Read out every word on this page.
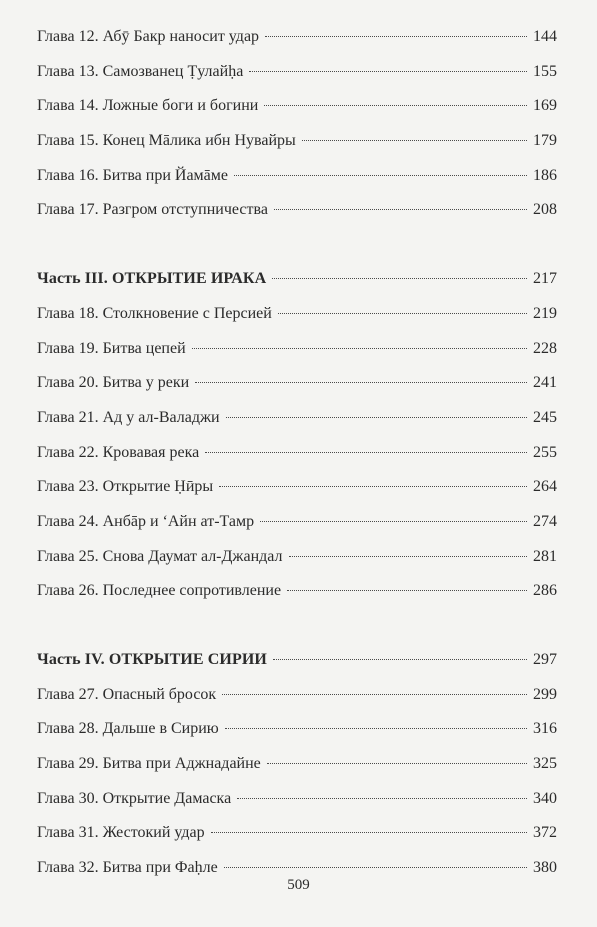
Глава 12. Абӯ Бакр наносит удар	144
Глава 13. Самозванец Ṭулайḥа	155
Глава 14. Ложные боги и богини	169
Глава 15. Конец Мāлика ибн Нувайры	179
Глава 16. Битва при Йамāме	186
Глава 17. Разгром отступничества	208
Часть III. ОТКРЫТИЕ ИРАКА	217
Глава 18. Столкновение с Персией	219
Глава 19. Битва цепей	228
Глава 20. Битва у реки	241
Глава 21. Ад у ал-Валаджи	245
Глава 22. Кровавая река	255
Глава 23. Открытие Ḥӣры	264
Глава 24. Анбāр и ʻАйн ат-Тамр	274
Глава 25. Снова Даумат ал-Джандал	281
Глава 26. Последнее сопротивление	286
Часть IV. ОТКРЫТИЕ СИРИИ	297
Глава 27. Опасный бросок	299
Глава 28. Дальше в Сирию	316
Глава 29. Битва при Аджнадайне	325
Глава 30. Открытие Дамаска	340
Глава 31. Жестокий удар	372
Глава 32. Битва при Фаḥле	380
509
